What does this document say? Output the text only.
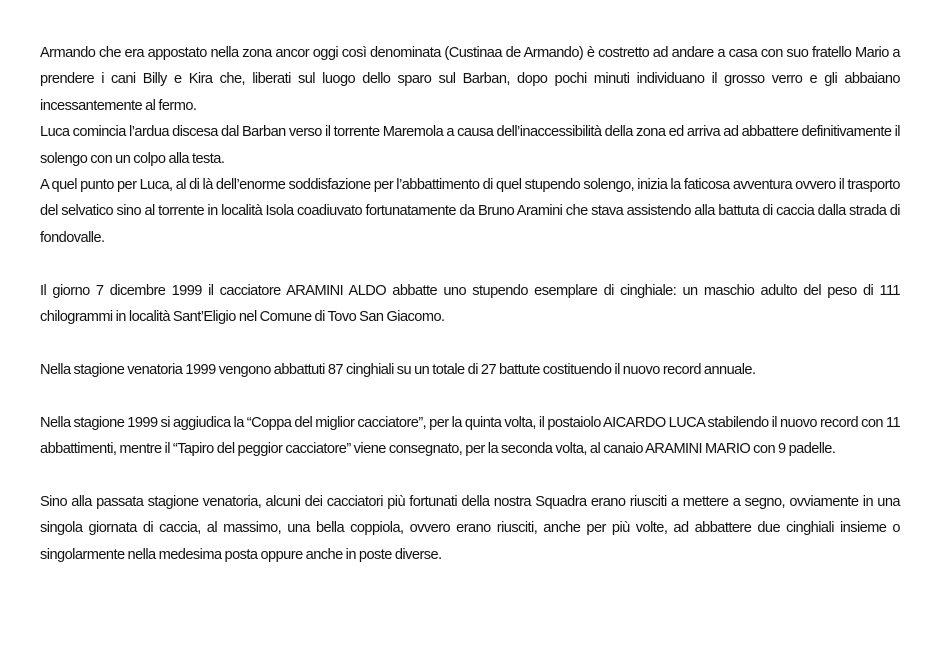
Armando che era appostato nella zona ancor oggi così denominata (Custinaa de Armando) è costretto ad andare a casa con suo fratello Mario a prendere i cani Billy e Kira che, liberati sul luogo dello sparo sul Barban, dopo pochi minuti individuano il grosso verro e gli abbaiano incessantemente al fermo.

Luca comincia l’ardua discesa dal Barban verso il torrente Maremola a causa dell’inaccessibilità della zona ed arriva ad abbattere definitivamente il solengo con un colpo alla testa.

A quel punto per Luca, al di là dell’enorme soddisfazione per l’abbattimento di quel stupendo solengo, inizia la faticosa avventura ovvero il trasporto del selvatico sino al torrente in località Isola coadiuvato fortunatamente da Bruno Aramini che stava assistendo alla battuta di caccia dalla strada di fondovalle.

Il giorno 7 dicembre 1999 il cacciatore ARAMINI ALDO abbatte uno stupendo esemplare di cinghiale: un maschio adulto del peso di 111 chilogrammi in località Sant’Eligio nel Comune di Tovo San Giacomo.

Nella stagione venatoria 1999 vengono abbattuti 87 cinghiali su un totale di 27 battute costituendo il nuovo record annuale.

Nella stagione 1999 si aggiudica la “Coppa del miglior cacciatore”, per la quinta volta, il postaiolo AICARDO LUCA stabilendo il nuovo record con 11 abbattimenti, mentre il “Tapiro del peggior cacciatore” viene consegnato, per la seconda volta, al canaio ARAMINI MARIO con 9 padelle.

Sino alla passata stagione venatoria, alcuni dei cacciatori più fortunati della nostra Squadra erano riusciti a mettere a segno, ovviamente in una singola giornata di caccia, al massimo, una bella coppiola, ovvero erano riusciti, anche per più volte, ad abbattere due cinghiali insieme o singolarmente nella medesima posta oppure anche in poste diverse.
